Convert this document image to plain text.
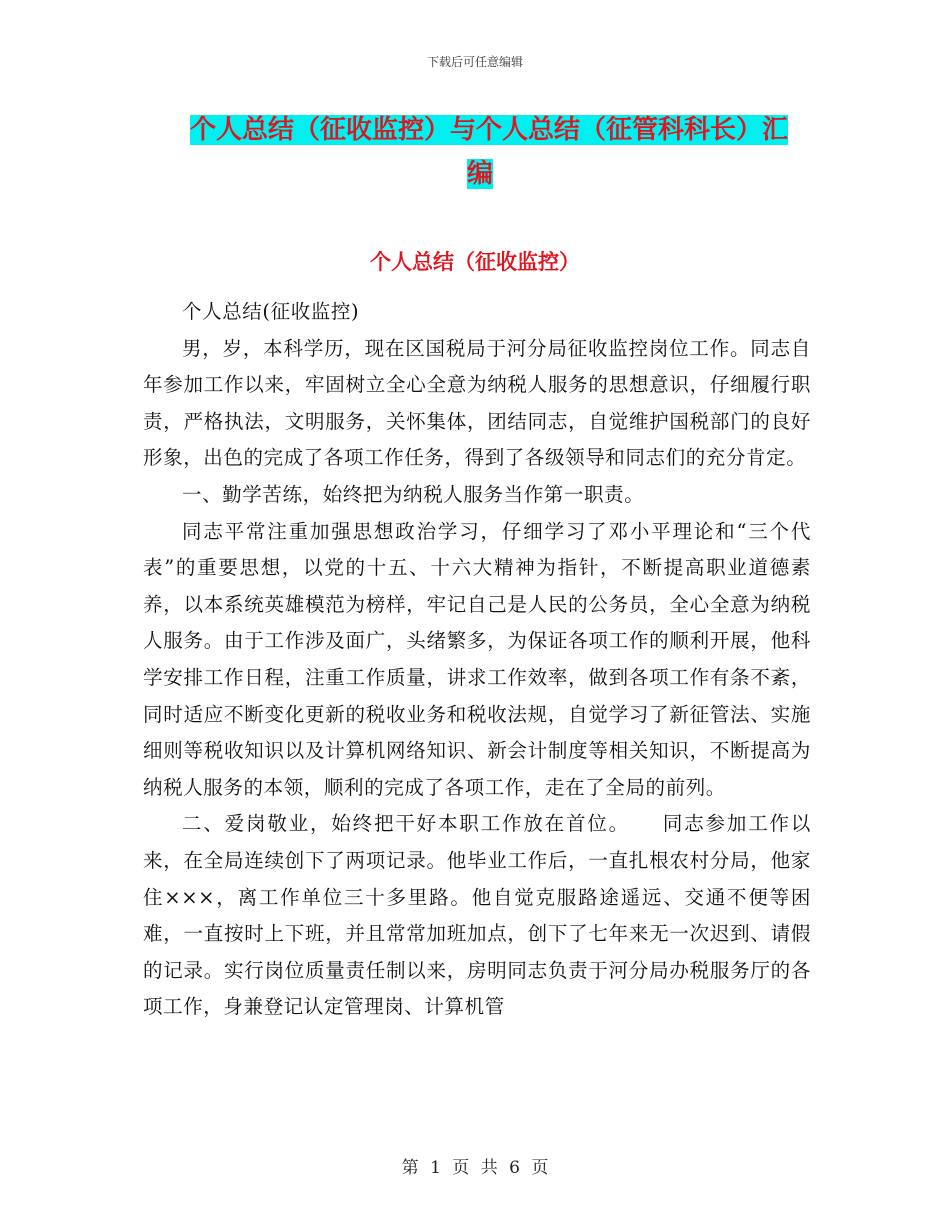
下载后可任意编辑
个人总结（征收监控）与个人总结（征管科科长）汇
编
个人总结（征收监控）

个人总结(征收监控)

男，岁，本科学历，现在区国税局于河分局征收监控岗位工作。同志自年参加工作以来，牢固树立全心全意为纳税人服务的思想意识，仔细履行职责，严格执法，文明服务，关怀集体，团结同志，自觉维护国税部门的良好形象，出色的完成了各项工作任务，得到了各级领导和同志们的充分肯定。

一、勤学苦练，始终把为纳税人服务当作第一职责。

同志平常注重加强思想政治学习，仔细学习了邓小平理论和“三个代表”的重要思想，以党的十五、十六大精神为指针，不断提高职业道德素养，以本系统英雄模范为榜样，牢记自己是人民的公务员，全心全意为纳税人服务。由于工作涉及面广，头绪繁多，为保证各项工作的顺利开展，他科学安排工作日程，注重工作质量，讲求工作效率，做到各项工作有条不紊，同时适应不断变化更新的税收业务和税收法规，自觉学习了新征管法、实施细则等税收知识以及计算机网络知识、新会计制度等相关知识，不断提高为纳税人服务的本领，顺利的完成了各项工作，走在了全局的前列。

二、爱岗敬业，始终把干好本职工作放在首位。　　同志参加工作以来，在全局连续创下了两项记录。他毕业工作后，一直扎根农村分局，他家住×××，离工作单位三十多里路。他自觉克服路途遥远、交通不便等困难，一直按时上下班，并且常常加班加点，创下了七年来无一次迟到、请假的记录。实行岗位质量责任制以来，房明同志负责于河分局办税服务厅的各项工作，身兼登记认定管理岗、计算机管

第 1 页 共 6 页
